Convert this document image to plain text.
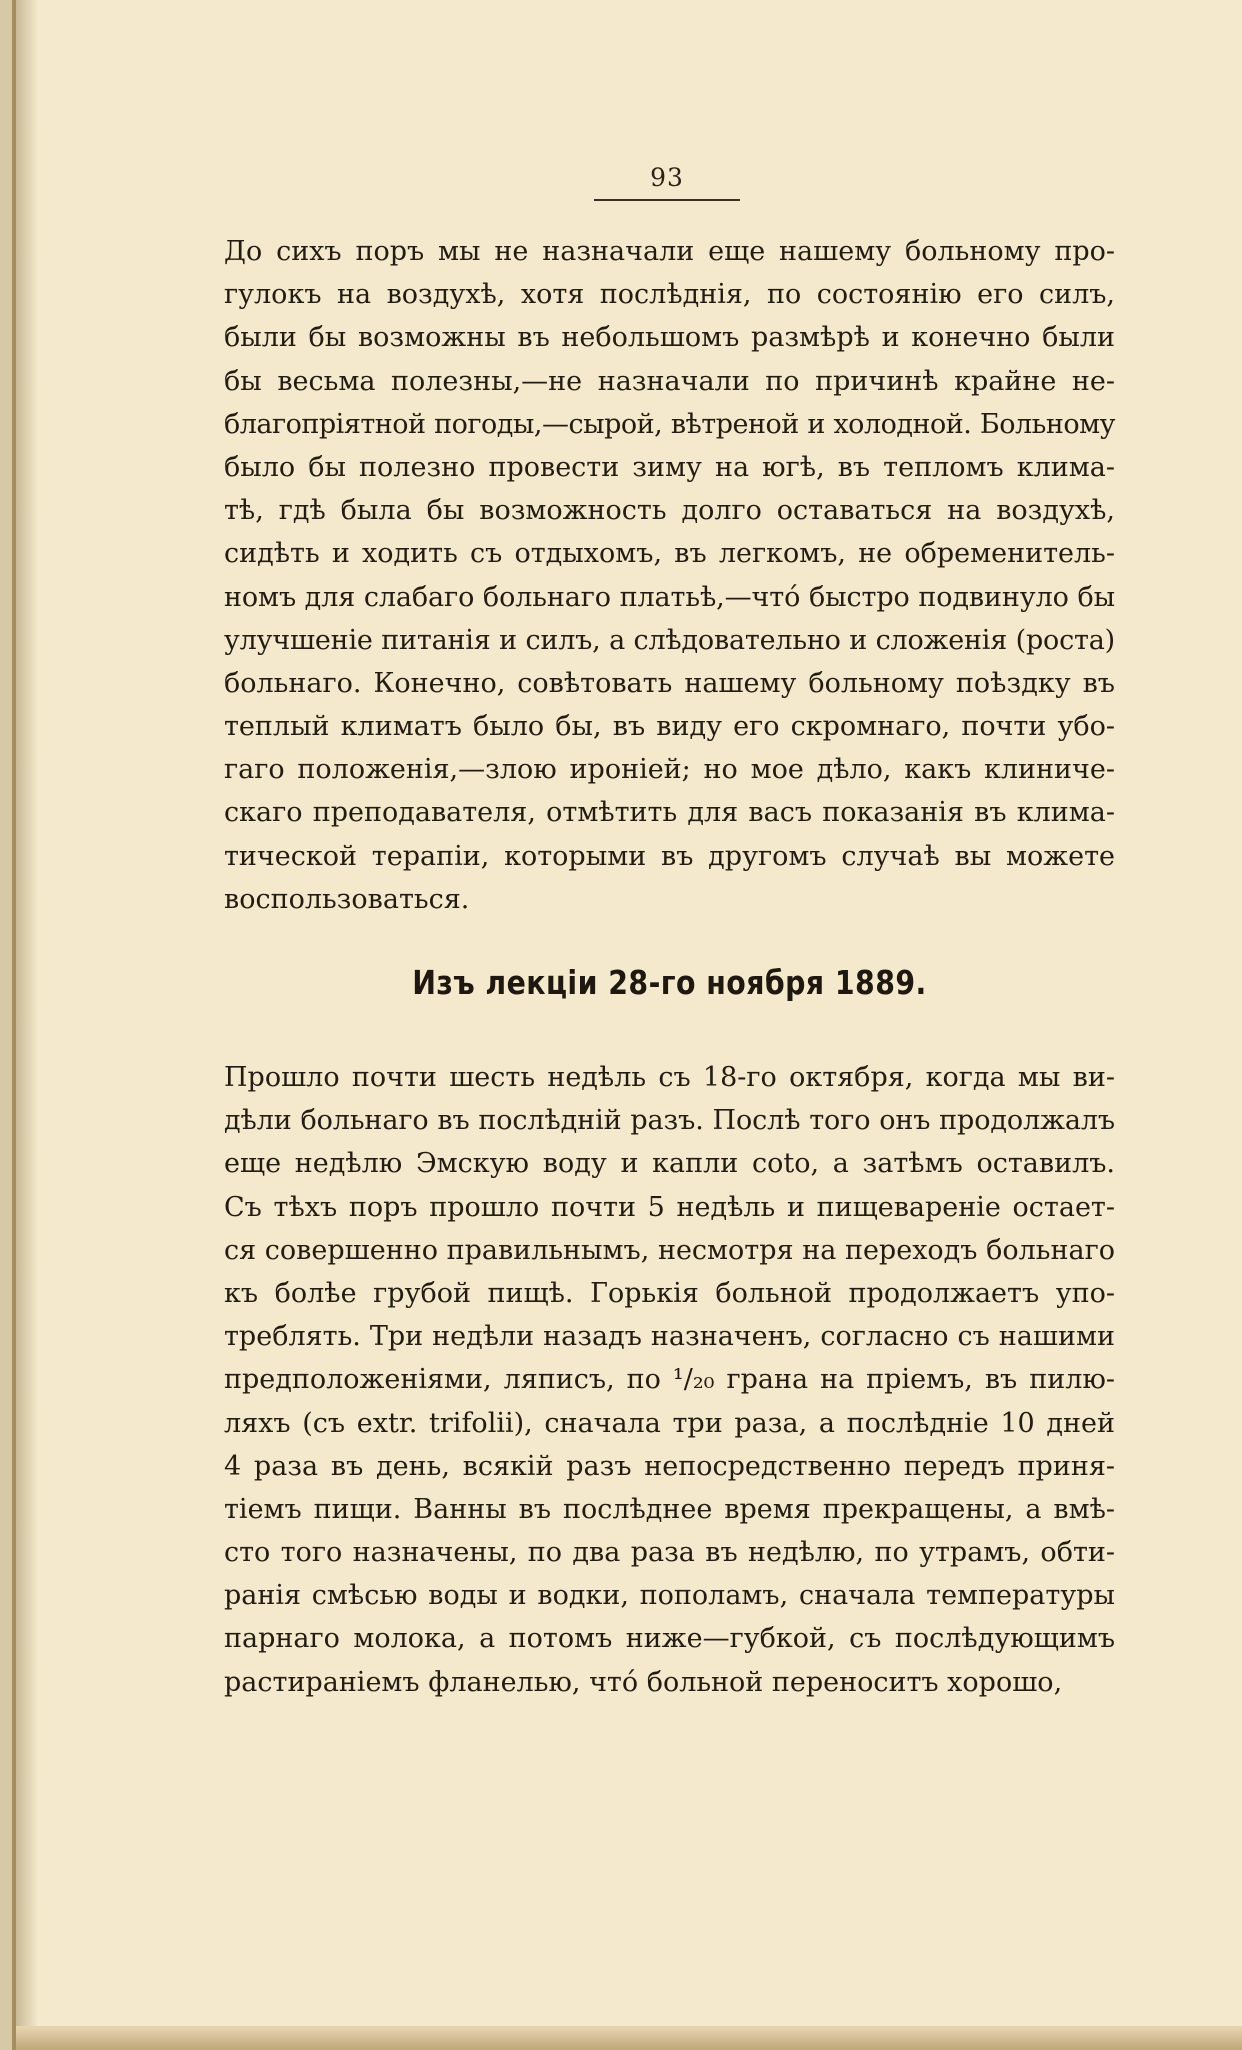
93
До сихъ поръ мы не назначали еще нашему больному про-
гулокъ на воздухѣ, хотя послѣднія, по состоянію его силъ,
были бы возможны въ небольшомъ размѣрѣ и конечно были
бы весьма полезны,—не назначали по причинѣ крайне не-
благопріятной погоды,—сырой, вѣтреной и холодной. Больному
было бы полезно провести зиму на югѣ, въ тепломъ клима-
тѣ, гдѣ была бы возможность долго оставаться на воздухѣ,
сидѣть и ходить съ отдыхомъ, въ легкомъ, не обременитель-
номъ для слабаго больнаго платьѣ,—чтó быстро подвинуло бы
улучшеніе питанія и силъ, а слѣдовательно и сложенія (роста)
больнаго. Конечно, совѣтовать нашему больному поѣздку въ
теплый климатъ было бы, въ виду его скромнаго, почти убо-
гаго положенія,—злою ироніей; но мое дѣло, какъ клиниче-
скаго преподавателя, отмѣтить для васъ показанія въ клима-
тической терапіи, которыми въ другомъ случаѣ вы можете
воспользоваться.
Изъ лекціи 28-го ноября 1889.
Прошло почти шесть недѣль съ 18-го октября, когда мы ви-
дѣли больнаго въ послѣдній разъ. Послѣ того онъ продолжалъ
еще недѣлю Эмскую воду и капли coto, а затѣмъ оставилъ.
Съ тѣхъ поръ прошло почти 5 недѣль и пищевареніе остает-
ся совершенно правильнымъ, несмотря на переходъ больнаго
къ болѣе грубой пищѣ. Горькія больной продолжаетъ упо-
треблять. Три недѣли назадъ назначенъ, согласно съ нашими
предположеніями, ляписъ, по ¹/₂₀ грана на пріемъ, въ пилю-
ляхъ (съ extr. trifolii), сначала три раза, а послѣдніе 10 дней
4 раза въ день, всякій разъ непосредственно передъ приня-
тіемъ пищи. Ванны въ послѣднее время прекращены, а вмѣ-
сто того назначены, по два раза въ недѣлю, по утрамъ, обти-
ранія смѣсью воды и водки, пополамъ, сначала температуры
парнаго молока, а потомъ ниже—губкой, съ послѣдующимъ
растираніемъ фланелью, чтó больной переноситъ хорошо,
